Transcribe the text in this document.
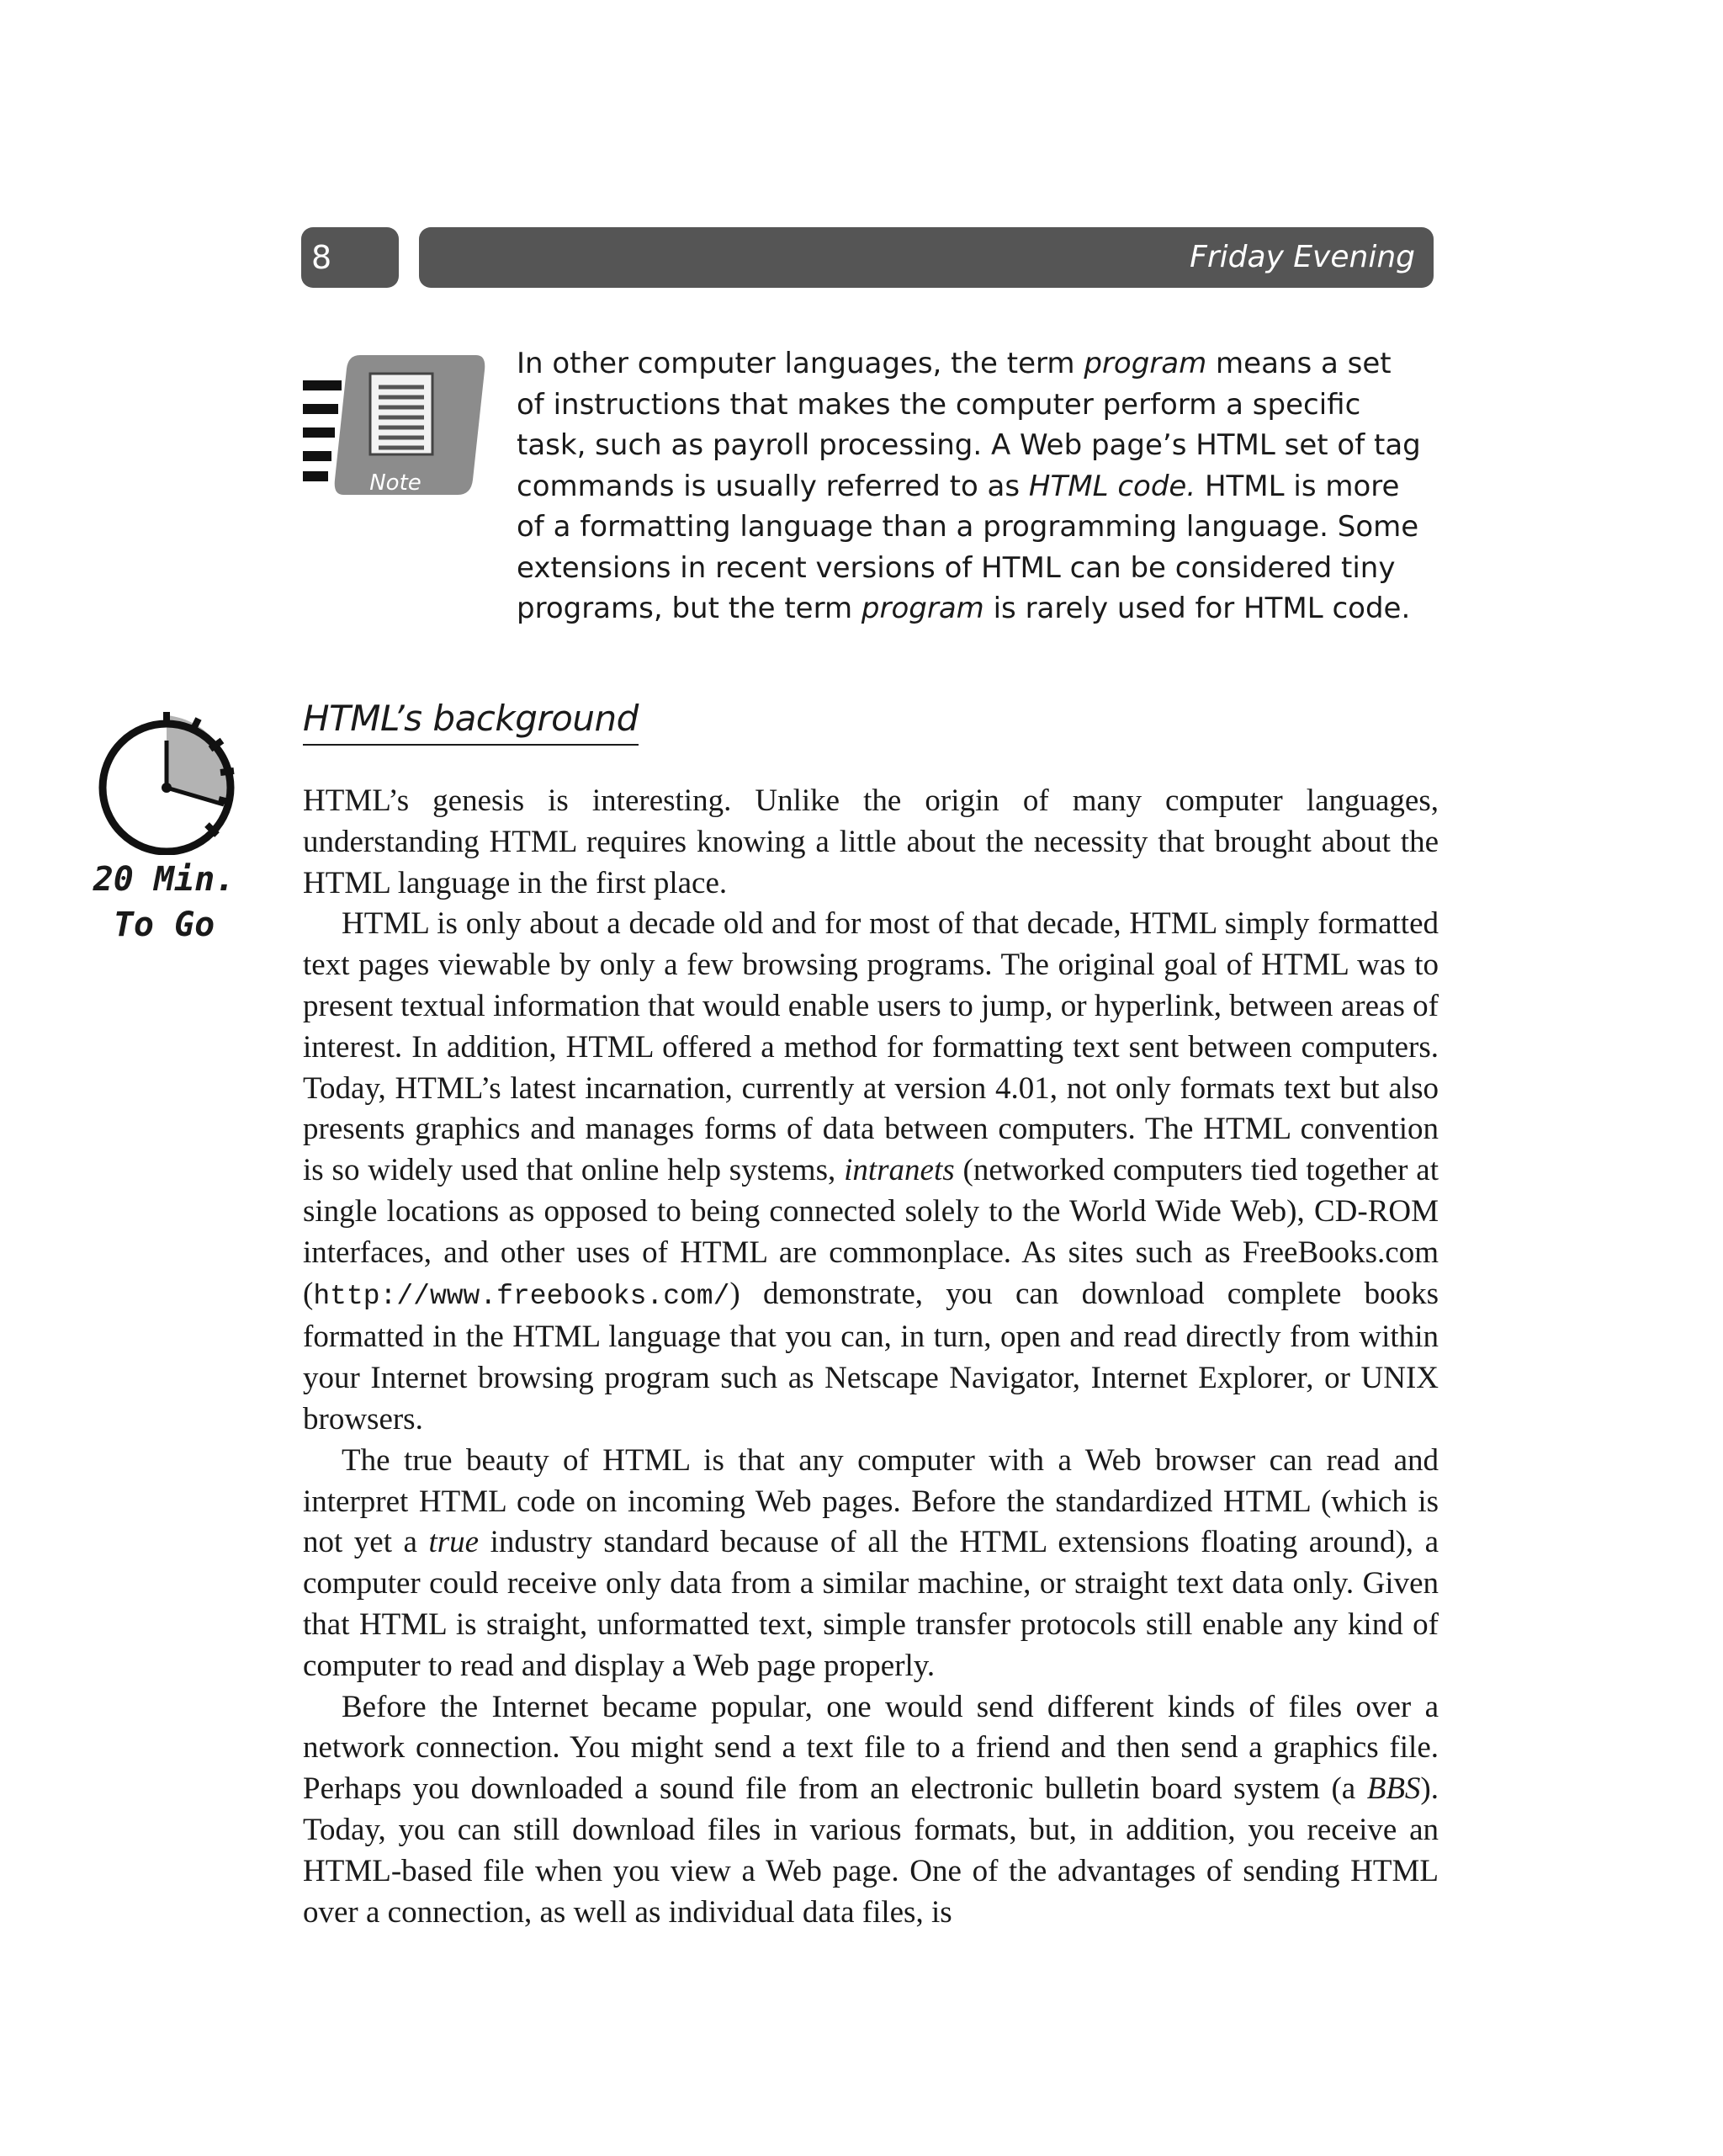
8	Friday Evening
Note

In other computer languages, the term program means a set of instructions that makes the computer perform a specific task, such as payroll processing. A Web page’s HTML set of tag commands is usually referred to as HTML code. HTML is more of a formatting language than a programming language. Some extensions in recent versions of HTML can be considered tiny programs, but the term program is rarely used for HTML code.

20 Min.
To Go
HTML’s background

HTML’s genesis is interesting. Unlike the origin of many computer languages, understanding HTML requires knowing a little about the necessity that brought about the HTML language in the first place.

HTML is only about a decade old and for most of that decade, HTML simply formatted text pages viewable by only a few browsing programs. The original goal of HTML was to present textual information that would enable users to jump, or hyperlink, between areas of interest. In addition, HTML offered a method for formatting text sent between computers. Today, HTML’s latest incarnation, currently at version 4.01, not only formats text but also presents graphics and manages forms of data between computers. The HTML convention is so widely used that online help systems, intranets (networked computers tied together at single locations as opposed to being connected solely to the World Wide Web), CD-ROM interfaces, and other uses of HTML are commonplace. As sites such as FreeBooks.com (http://www.freebooks.com/) demonstrate, you can download complete books formatted in the HTML language that you can, in turn, open and read directly from within your Internet browsing program such as Netscape Navigator, Internet Explorer, or UNIX browsers.

The true beauty of HTML is that any computer with a Web browser can read and interpret HTML code on incoming Web pages. Before the standardized HTML (which is not yet a true industry standard because of all the HTML extensions floating around), a computer could receive only data from a similar machine, or straight text data only. Given that HTML is straight, unformatted text, simple transfer protocols still enable any kind of computer to read and display a Web page properly.

Before the Internet became popular, one would send different kinds of files over a network connection. You might send a text file to a friend and then send a graphics file. Perhaps you downloaded a sound file from an electronic bulletin board system (a BBS). Today, you can still download files in various formats, but, in addition, you receive an HTML-based file when you view a Web page. One of the advantages of sending HTML over a connection, as well as individual data files, is
